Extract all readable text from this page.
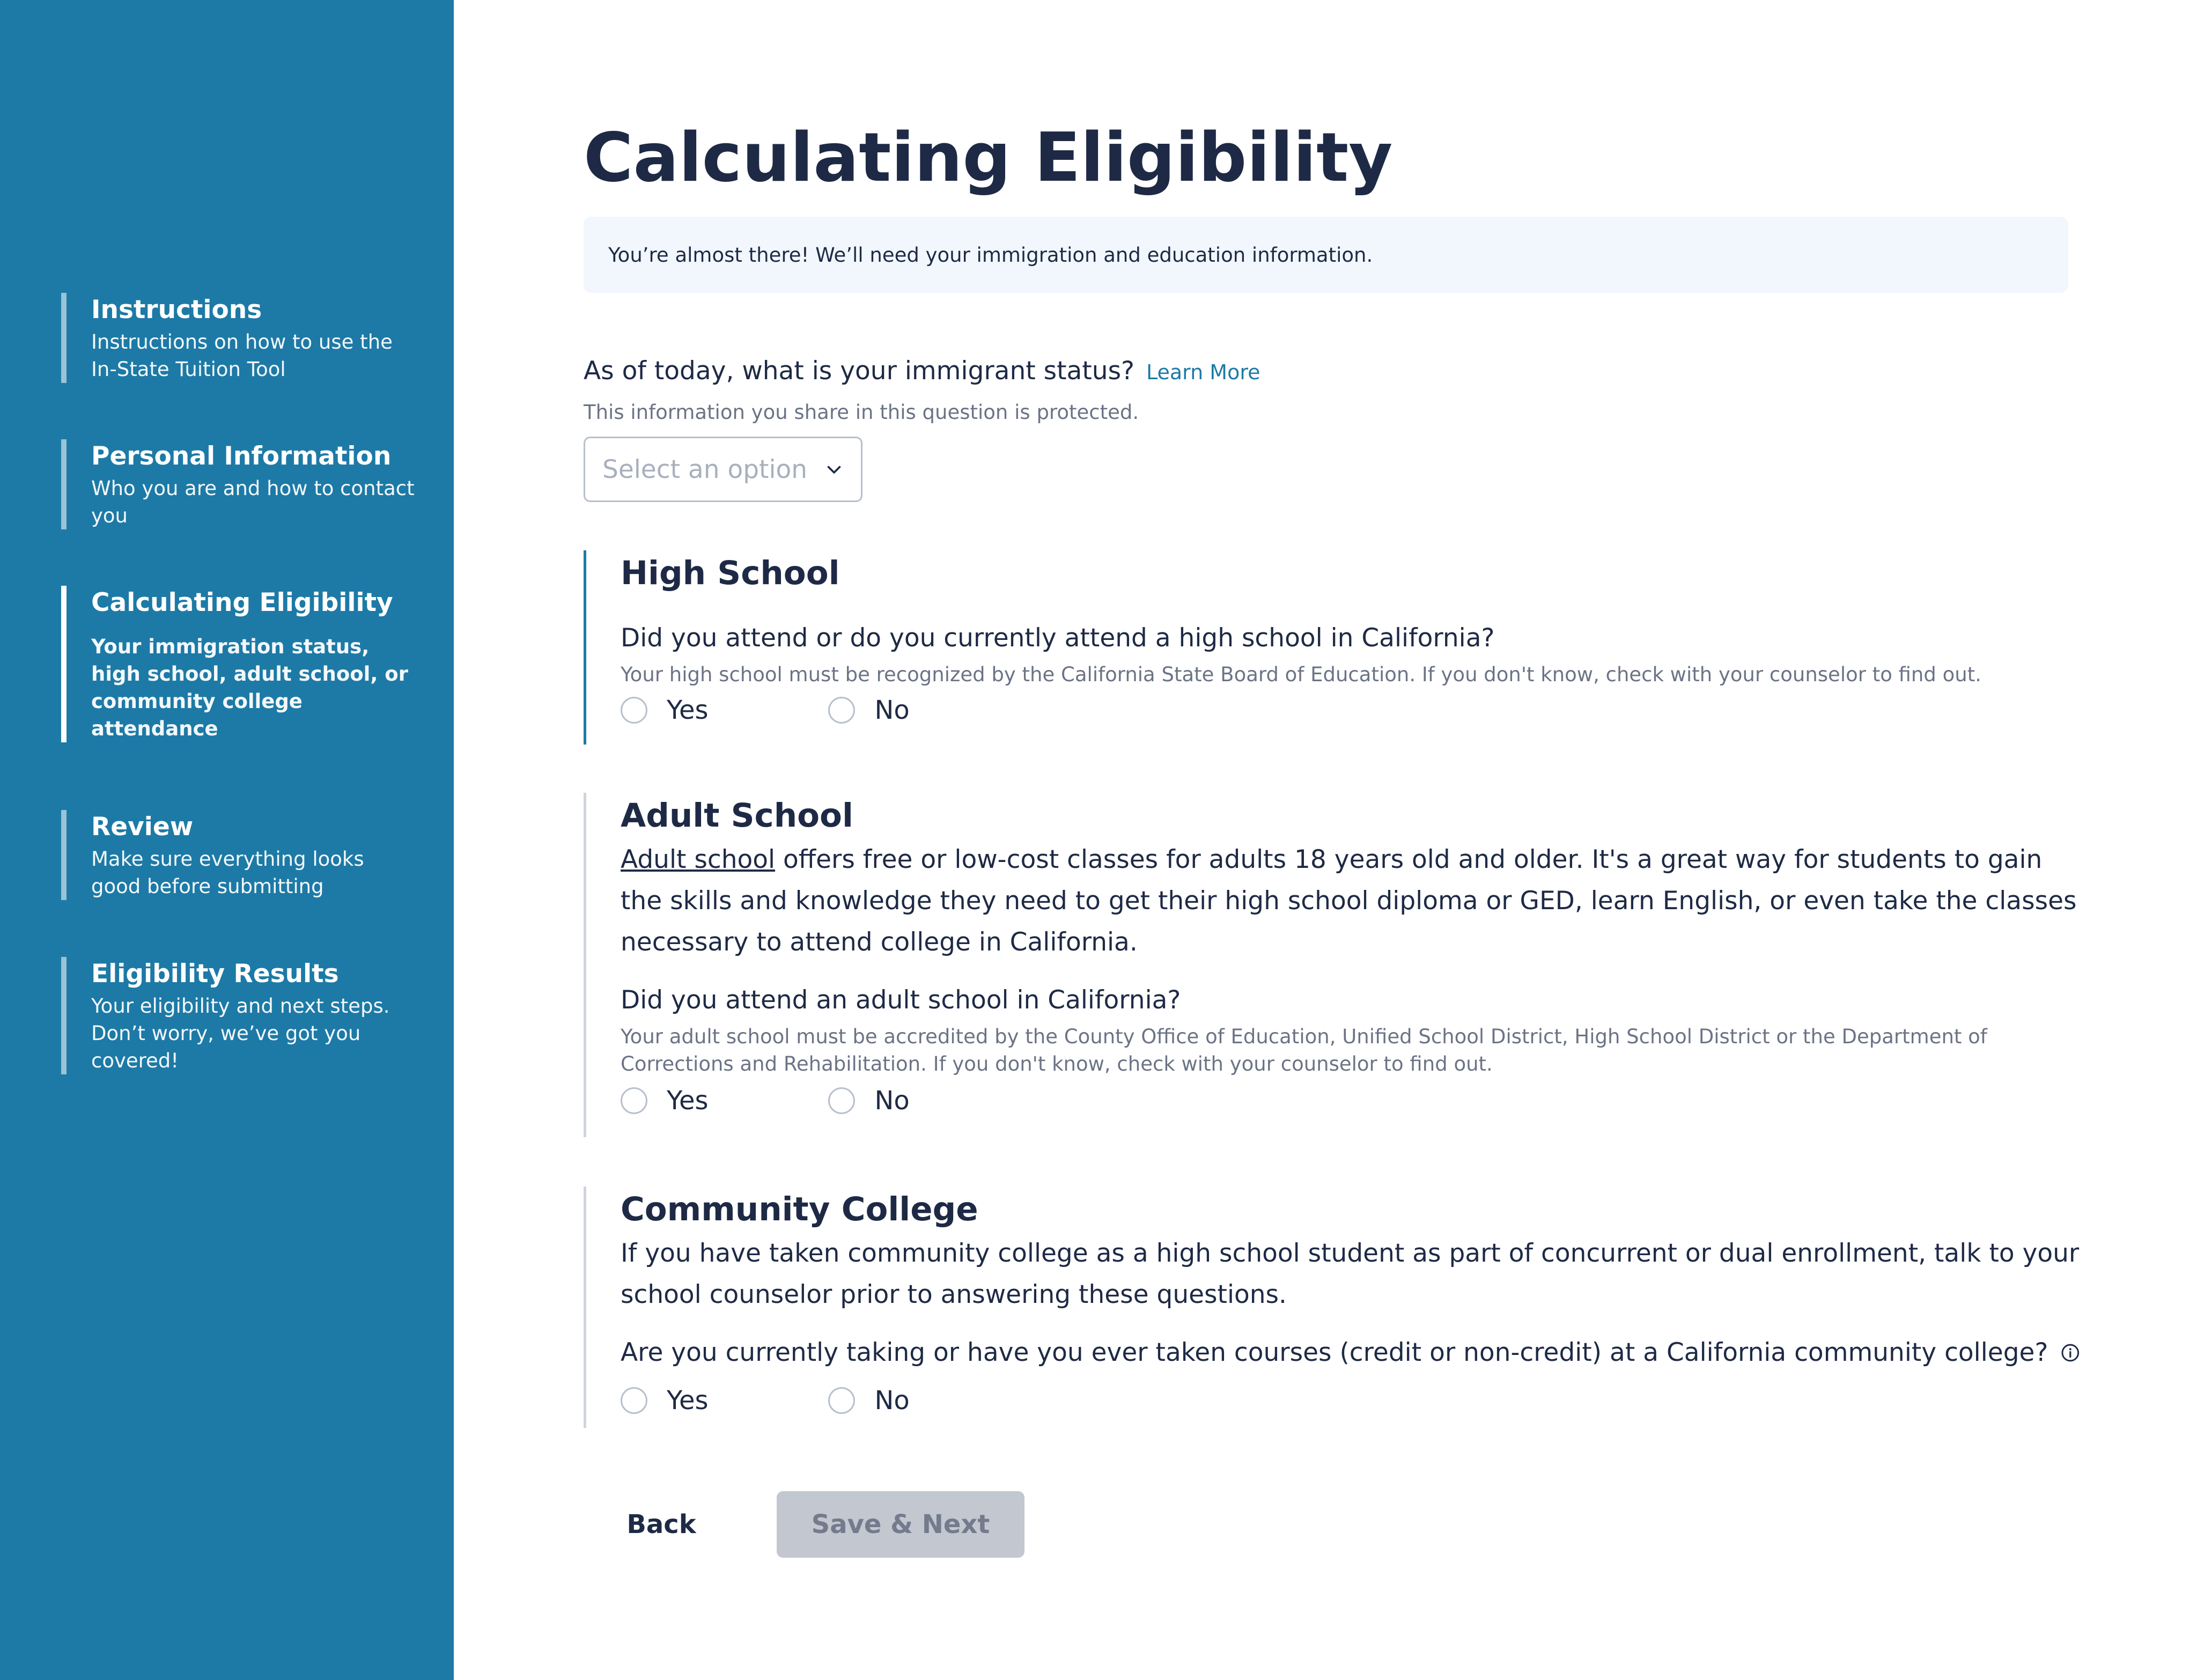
Instructions
Instructions on how to use the In-State Tuition Tool
Personal Information
Who you are and how to contact you
Calculating Eligibility
Your immigration status, high school, adult school, or community college attendance
Review
Make sure everything looks good before submitting
Eligibility Results
Your eligibility and next steps. Don’t worry, we’ve got you covered!
Calculating Eligibility
You’re almost there! We’ll need your immigration and education information.
As of today, what is your immigrant status? Learn More
This information you share in this question is protected.
Select an option
High School
Did you attend or do you currently attend a high school in California?
Your high school must be recognized by the California State Board of Education. If you don't know, check with your counselor to find out.
Yes	No
Adult School

Adult school offers free or low-cost classes for adults 18 years old and older. It's a great way for students to gain the skills and knowledge they need to get their high school diploma or GED, learn English, or even take the classes necessary to attend college in California.

Did you attend an adult school in California?
Your adult school must be accredited by the County Office of Education, Unified School District, High School District or the Department of Corrections and Rehabilitation. If you don't know, check with your counselor to find out.
Yes	No
Community College

If you have taken community college as a high school student as part of concurrent or dual enrollment, talk to your school counselor prior to answering these questions.

Are you currently taking or have you ever taken courses (credit or non-credit) at a California community college?
Yes	No
Back	Save & Next
